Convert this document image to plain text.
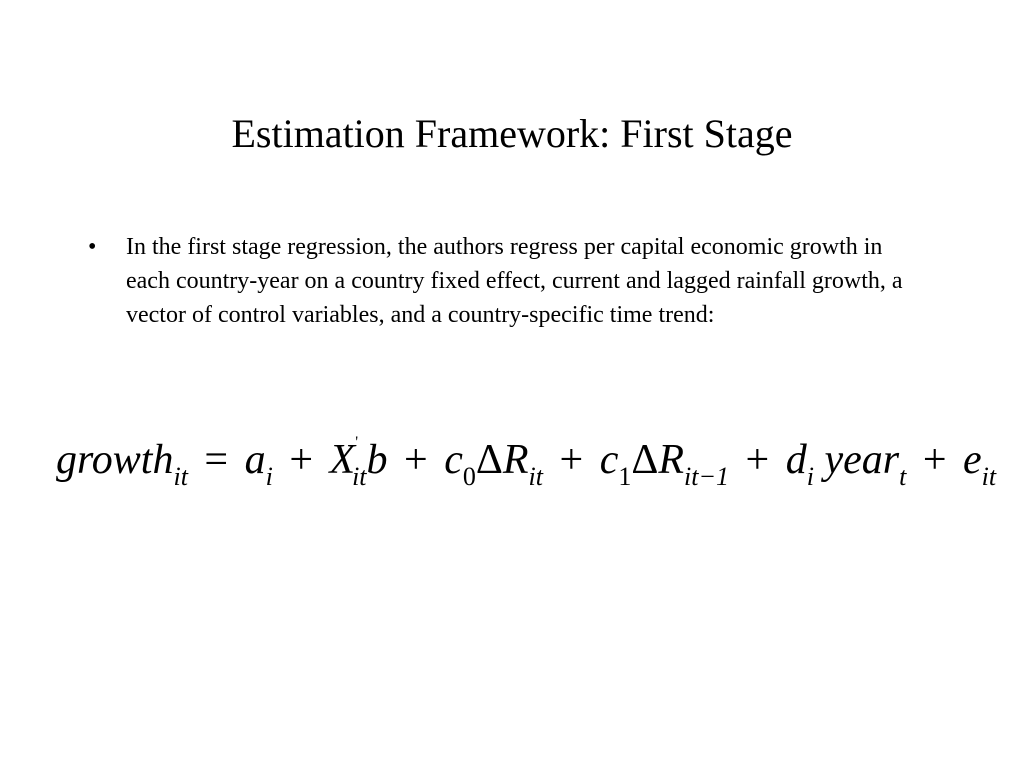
Estimation Framework: First Stage
• In the first stage regression, the authors regress per capital economic growth in each country-year on a country fixed effect, current and lagged rainfall growth, a vector of control variables, and a country-specific time trend:
growthit = ai + X'itb + c0ΔRit + c1ΔRit−1 + di yeart + eit
